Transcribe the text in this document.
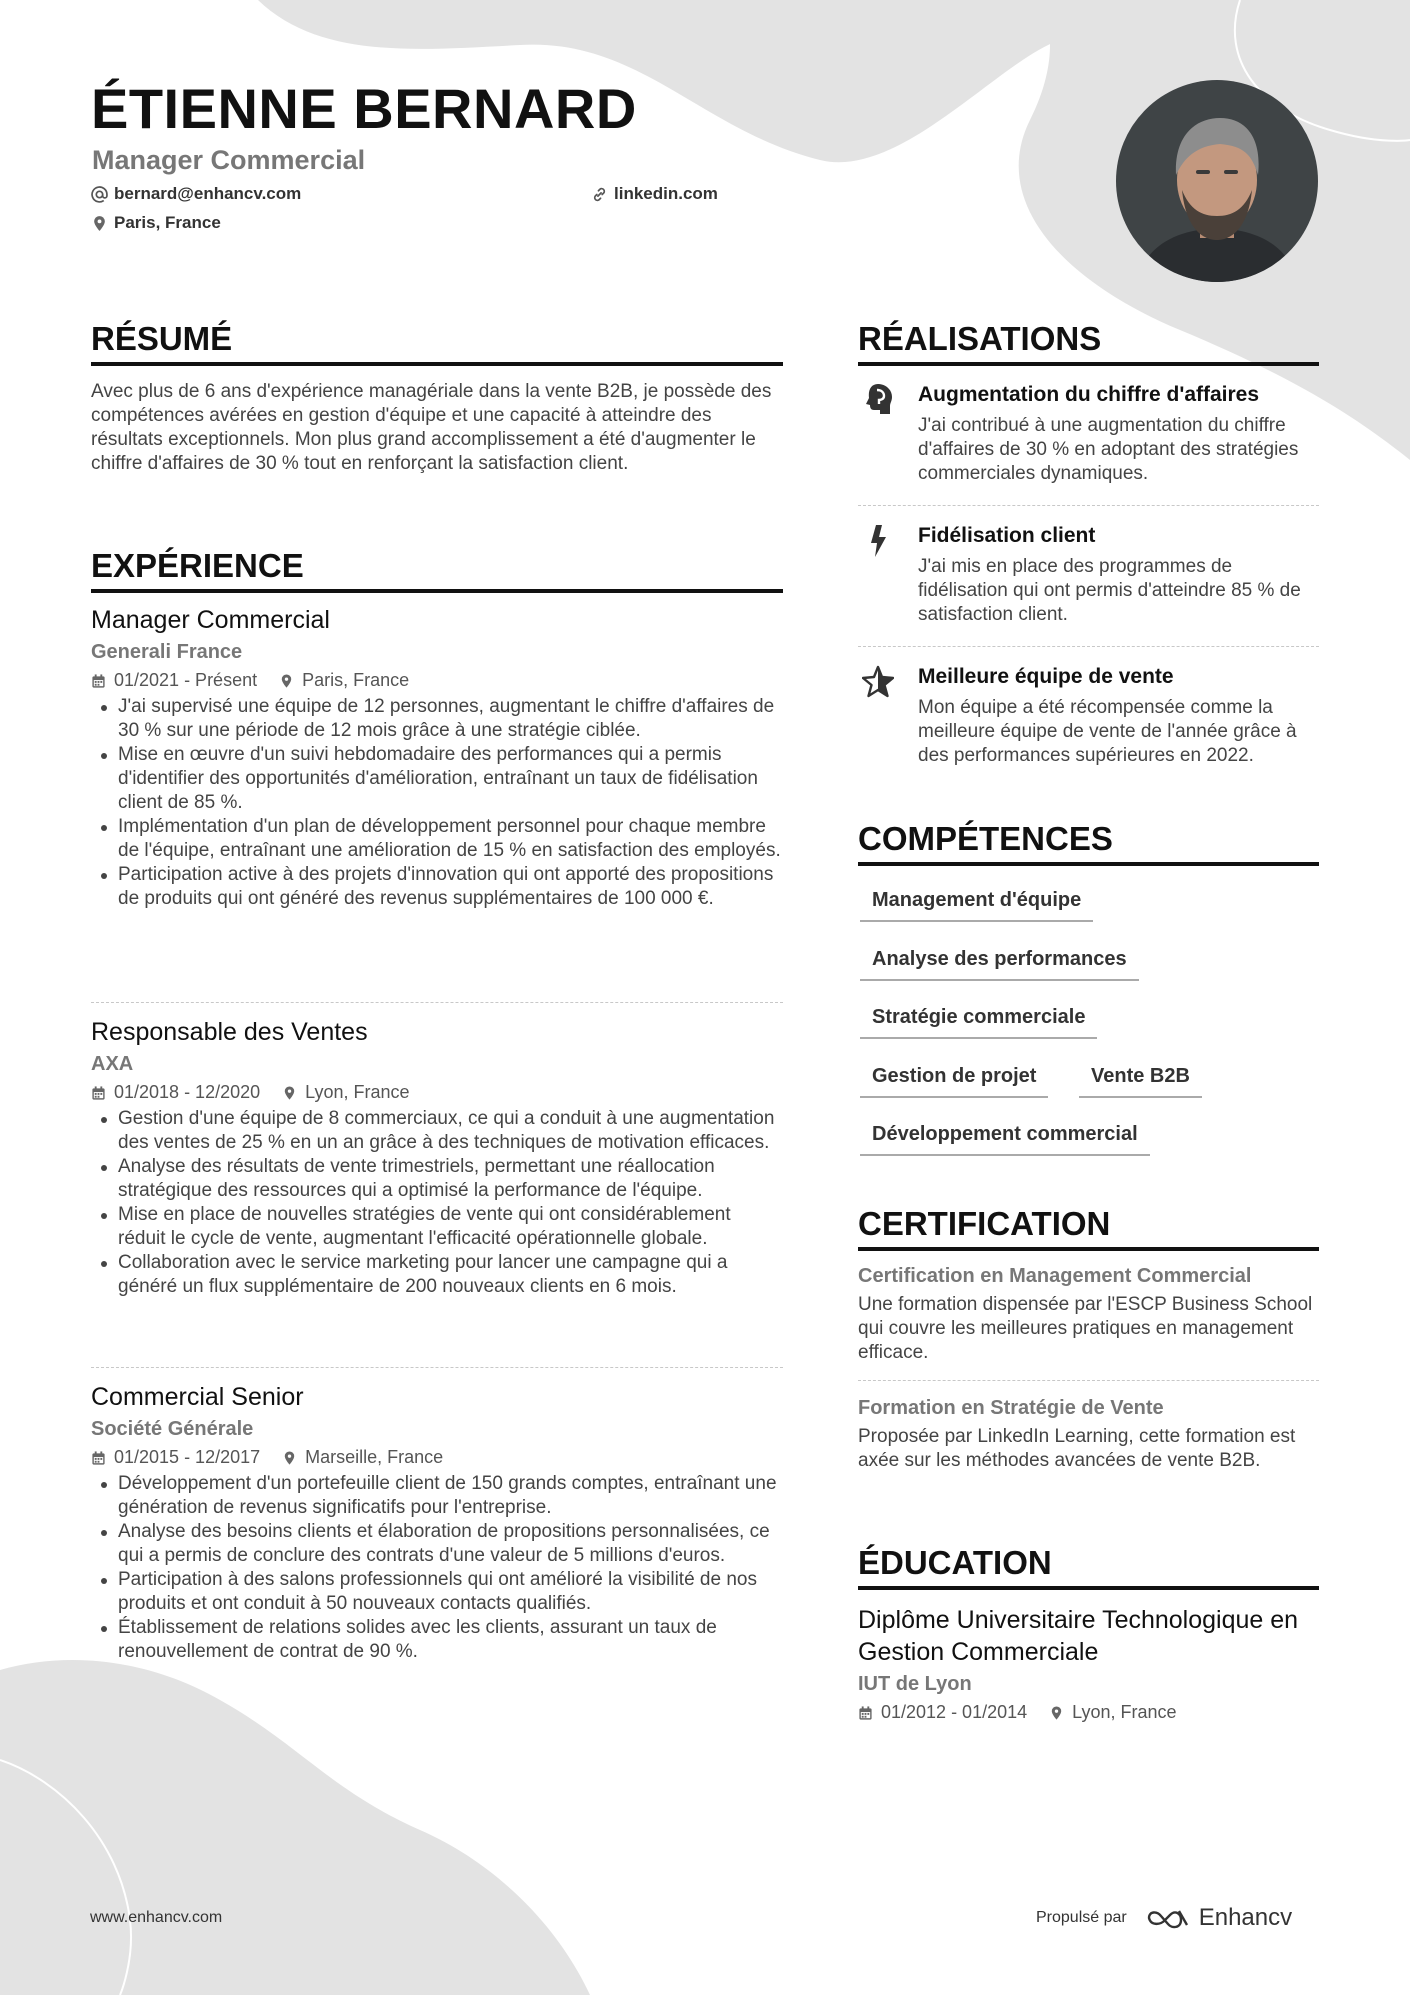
ÉTIENNE BERNARD
Manager Commercial
bernard@enhancv.com	linkedin.com
Paris, France
RÉSUMÉ
Avec plus de 6 ans d'expérience managériale dans la vente B2B, je possède des compétences avérées en gestion d'équipe et une capacité à atteindre des résultats exceptionnels. Mon plus grand accomplissement a été d'augmenter le chiffre d'affaires de 30 % tout en renforçant la satisfaction client.
EXPÉRIENCE
Manager Commercial
Generali France
01/2021 - Présent	Paris, France
J'ai supervisé une équipe de 12 personnes, augmentant le chiffre d'affaires de 30 % sur une période de 12 mois grâce à une stratégie ciblée.
Mise en œuvre d'un suivi hebdomadaire des performances qui a permis d'identifier des opportunités d'amélioration, entraînant un taux de fidélisation client de 85 %.
Implémentation d'un plan de développement personnel pour chaque membre de l'équipe, entraînant une amélioration de 15 % en satisfaction des employés.
Participation active à des projets d'innovation qui ont apporté des propositions de produits qui ont généré des revenus supplémentaires de 100 000 €.
Responsable des Ventes
AXA
01/2018 - 12/2020	Lyon, France
Gestion d'une équipe de 8 commerciaux, ce qui a conduit à une augmentation des ventes de 25 % en un an grâce à des techniques de motivation efficaces.
Analyse des résultats de vente trimestriels, permettant une réallocation stratégique des ressources qui a optimisé la performance de l'équipe.
Mise en place de nouvelles stratégies de vente qui ont considérablement réduit le cycle de vente, augmentant l'efficacité opérationnelle globale.
Collaboration avec le service marketing pour lancer une campagne qui a généré un flux supplémentaire de 200 nouveaux clients en 6 mois.
Commercial Senior
Société Générale
01/2015 - 12/2017	Marseille, France
Développement d'un portefeuille client de 150 grands comptes, entraînant une génération de revenus significatifs pour l'entreprise.
Analyse des besoins clients et élaboration de propositions personnalisées, ce qui a permis de conclure des contrats d'une valeur de 5 millions d'euros.
Participation à des salons professionnels qui ont amélioré la visibilité de nos produits et ont conduit à 50 nouveaux contacts qualifiés.
Établissement de relations solides avec les clients, assurant un taux de renouvellement de contrat de 90 %.
RÉALISATIONS
Augmentation du chiffre d'affaires
J'ai contribué à une augmentation du chiffre d'affaires de 30 % en adoptant des stratégies commerciales dynamiques.
Fidélisation client
J'ai mis en place des programmes de fidélisation qui ont permis d'atteindre 85 % de satisfaction client.
Meilleure équipe de vente
Mon équipe a été récompensée comme la meilleure équipe de vente de l'année grâce à des performances supérieures en 2022.
COMPÉTENCES
Management d'équipe
Analyse des performances
Stratégie commerciale
Gestion de projet	Vente B2B
Développement commercial
CERTIFICATION
Certification en Management Commercial
Une formation dispensée par l'ESCP Business School qui couvre les meilleures pratiques en management efficace.
Formation en Stratégie de Vente
Proposée par LinkedIn Learning, cette formation est axée sur les méthodes avancées de vente B2B.
ÉDUCATION
Diplôme Universitaire Technologique en Gestion Commerciale
IUT de Lyon
01/2012 - 01/2014	Lyon, France
www.enhancv.com	Propulsé par	Enhancv
